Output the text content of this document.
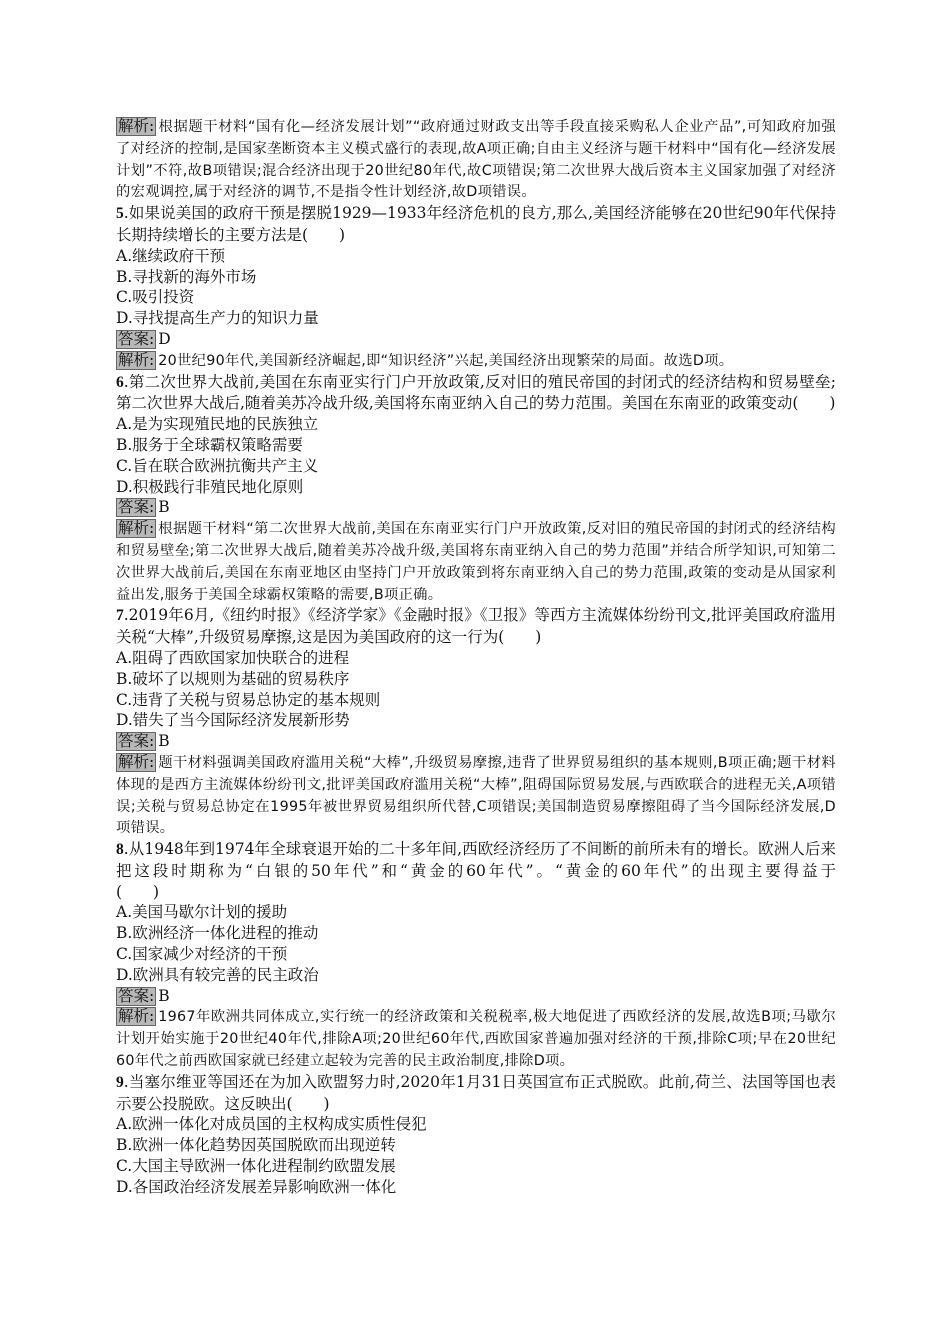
解析: 根据题干材料“国有化—经济发展计划”“政府通过财政支出等手段直接采购私人企业产品”,可知政府加强了对经济的控制,是国家垄断资本主义模式盛行的表现,故A项正确;自由主义经济与题干材料中“国有化—经济发展计划”不符,故B项错误;混合经济出现于20世纪80年代,故C项错误;第二次世界大战后资本主义国家加强了对经济的宏观调控,属于对经济的调节,不是指令性计划经济,故D项错误。

5.如果说美国的政府干预是摆脱1929—1933年经济危机的良方,那么,美国经济能够在20世纪90年代保持长期持续增长的主要方法是(　　)

A.继续政府干预

B.寻找新的海外市场

C.吸引投资

D.寻找提高生产力的知识力量

答案: D

解析: 20世纪90年代,美国新经济崛起,即“知识经济”兴起,美国经济出现繁荣的局面。故选D项。

6.第二次世界大战前,美国在东南亚实行门户开放政策,反对旧的殖民帝国的封闭式的经济结构和贸易壁垒;第二次世界大战后,随着美苏冷战升级,美国将东南亚纳入自己的势力范围。美国在东南亚的政策变动(　　)

A.是为实现殖民地的民族独立

B.服务于全球霸权策略需要

C.旨在联合欧洲抗衡共产主义

D.积极践行非殖民地化原则

答案: B

解析: 根据题干材料“第二次世界大战前,美国在东南亚实行门户开放政策,反对旧的殖民帝国的封闭式的经济结构和贸易壁垒;第二次世界大战后,随着美苏冷战升级,美国将东南亚纳入自己的势力范围”并结合所学知识,可知第二次世界大战前后,美国在东南亚地区由坚持门户开放政策到将东南亚纳入自己的势力范围,政策的变动是从国家利益出发,服务于美国全球霸权策略的需要,B项正确。

7.2019年6月,《纽约时报》《经济学家》《金融时报》《卫报》等西方主流媒体纷纷刊文,批评美国政府滥用关税“大棒”,升级贸易摩擦,这是因为美国政府的这一行为(　　)

A.阻碍了西欧国家加快联合的进程

B.破坏了以规则为基础的贸易秩序

C.违背了关税与贸易总协定的基本规则

D.错失了当今国际经济发展新形势

答案: B

解析: 题干材料强调美国政府滥用关税“大棒”,升级贸易摩擦,违背了世界贸易组织的基本规则,B项正确;题干材料体现的是西方主流媒体纷纷刊文,批评美国政府滥用关税“大棒”,阻碍国际贸易发展,与西欧联合的进程无关,A项错误;关税与贸易总协定在1995年被世界贸易组织所代替,C项错误;美国制造贸易摩擦阻碍了当今国际经济发展,D项错误。

8.从1948年到1974年全球衰退开始的二十多年间,西欧经济经历了不间断的前所未有的增长。欧洲人后来把这段时期称为“白银的50年代”和“黄金的60年代”。“黄金的60年代”的出现主要得益于　　　　　　(　　)

A.美国马歇尔计划的援助

B.欧洲经济一体化进程的推动

C.国家减少对经济的干预

D.欧洲具有较完善的民主政治

答案: B

解析: 1967年欧洲共同体成立,实行统一的经济政策和关税税率,极大地促进了西欧经济的发展,故选B项;马歇尔计划开始实施于20世纪40年代,排除A项;20世纪60年代,西欧国家普遍加强对经济的干预,排除C项;早在20世纪60年代之前西欧国家就已经建立起较为完善的民主政治制度,排除D项。

9.当塞尔维亚等国还在为加入欧盟努力时,2020年1月31日英国宣布正式脱欧。此前,荷兰、法国等国也表示要公投脱欧。这反映出(　　)

A.欧洲一体化对成员国的主权构成实质性侵犯

B.欧洲一体化趋势因英国脱欧而出现逆转

C.大国主导欧洲一体化进程制约欧盟发展

D.各国政治经济发展差异影响欧洲一体化
